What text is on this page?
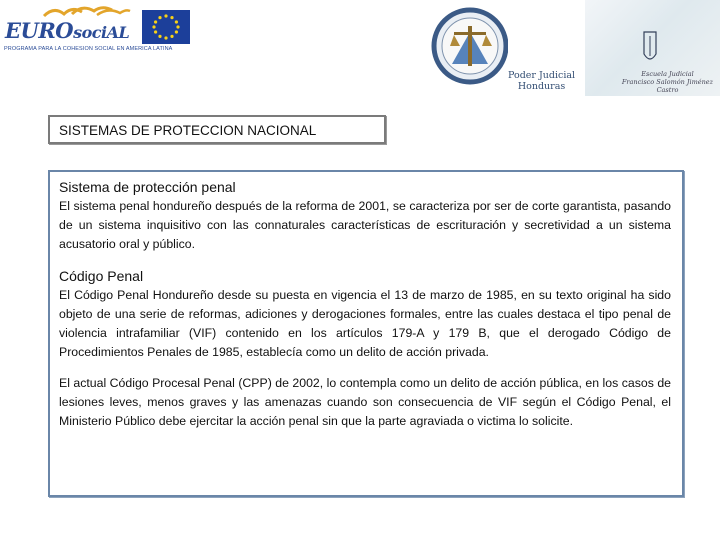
EUROsociAL
PROGRAMA PARA LA COHESION SOCIAL EN AMERICA LATINA
Poder Judicial
Honduras
Escuela Judicial
Francisco Salomón Jiménez Castro
SISTEMAS DE PROTECCION NACIONAL

Sistema de protección penal

El sistema penal hondureño después de la reforma de 2001, se caracteriza por ser de corte garantista, pasando de un sistema inquisitivo con las connaturales características de escrituración y secretividad a un sistema acusatorio oral y público.

Código Penal

El Código Penal Hondureño desde su puesta en vigencia el 13 de marzo de 1985, en su texto original ha sido objeto de una serie de reformas, adiciones y derogaciones formales, entre las cuales destaca el tipo penal de violencia intrafamiliar (VIF) contenido en los artículos 179-A y 179 B, que el derogado Código de Procedimientos Penales de 1985, establecía como un delito de acción privada.

El actual Código Procesal Penal (CPP) de 2002, lo contempla como un delito de acción pública, en los casos de lesiones leves, menos graves y las amenazas cuando son consecuencia de VIF según el Código Penal, el Ministerio Público debe ejercitar la acción penal sin que la parte agraviada o victima lo solicite.
